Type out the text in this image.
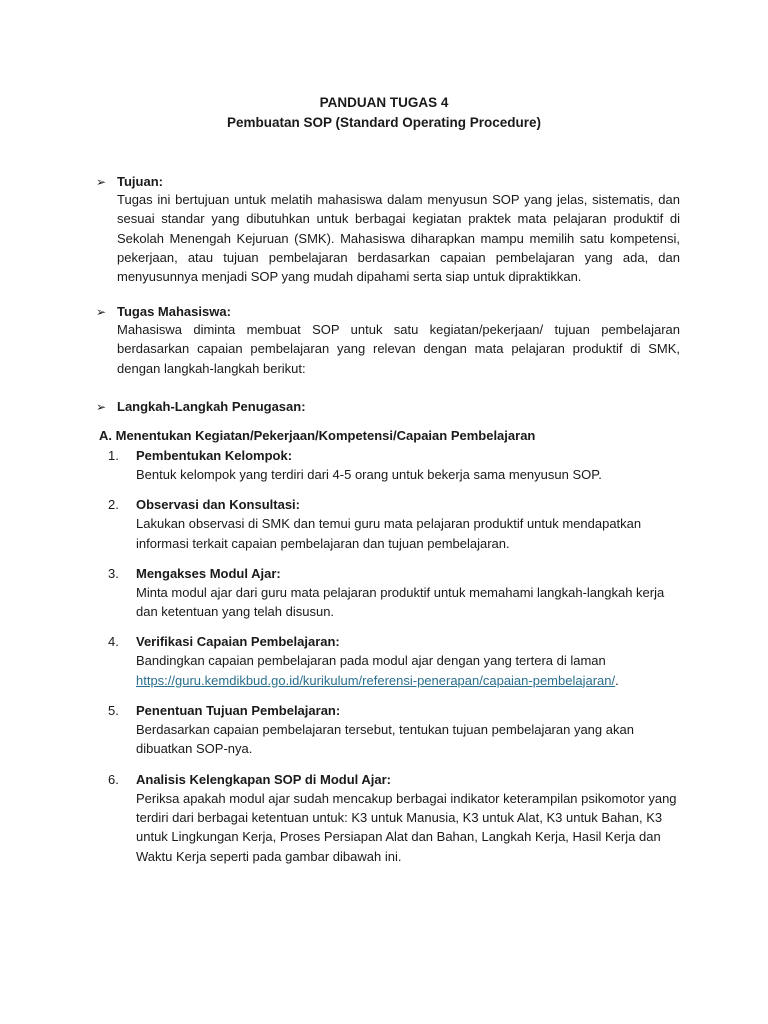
PANDUAN TUGAS 4
Pembuatan SOP (Standard Operating Procedure)
➢ Tujuan:
Tugas ini bertujuan untuk melatih mahasiswa dalam menyusun SOP yang jelas, sistematis, dan sesuai standar yang dibutuhkan untuk berbagai kegiatan praktek mata pelajaran produktif di Sekolah Menengah Kejuruan (SMK). Mahasiswa diharapkan mampu memilih satu kompetensi, pekerjaan, atau tujuan pembelajaran berdasarkan capaian pembelajaran yang ada, dan menyusunnya menjadi SOP yang mudah dipahami serta siap untuk dipraktikkan.
➢ Tugas Mahasiswa:
Mahasiswa diminta membuat SOP untuk satu kegiatan/pekerjaan/ tujuan pembelajaran berdasarkan capaian pembelajaran yang relevan dengan mata pelajaran produktif di SMK, dengan langkah-langkah berikut:
➢ Langkah-Langkah Penugasan:
A. Menentukan Kegiatan/Pekerjaan/Kompetensi/Capaian Pembelajaran
1.	Pembentukan Kelompok:
Bentuk kelompok yang terdiri dari 4-5 orang untuk bekerja sama menyusun SOP.
2.	Observasi dan Konsultasi:
Lakukan observasi di SMK dan temui guru mata pelajaran produktif untuk mendapatkan informasi terkait capaian pembelajaran dan tujuan pembelajaran.
3.	Mengakses Modul Ajar:
Minta modul ajar dari guru mata pelajaran produktif untuk memahami langkah-langkah kerja dan ketentuan yang telah disusun.
4.	Verifikasi Capaian Pembelajaran:
Bandingkan capaian pembelajaran pada modul ajar dengan yang tertera di laman
https://guru.kemdikbud.go.id/kurikulum/referensi-penerapan/capaian-pembelajaran/.
5.	Penentuan Tujuan Pembelajaran:
Berdasarkan capaian pembelajaran tersebut, tentukan tujuan pembelajaran yang akan dibuatkan SOP-nya.
6.	Analisis Kelengkapan SOP di Modul Ajar:
Periksa apakah modul ajar sudah mencakup berbagai indikator keterampilan psikomotor yang terdiri dari berbagai ketentuan untuk: K3 untuk Manusia, K3 untuk Alat, K3 untuk Bahan, K3 untuk Lingkungan Kerja, Proses Persiapan Alat dan Bahan, Langkah Kerja, Hasil Kerja dan Waktu Kerja seperti pada gambar dibawah ini.
